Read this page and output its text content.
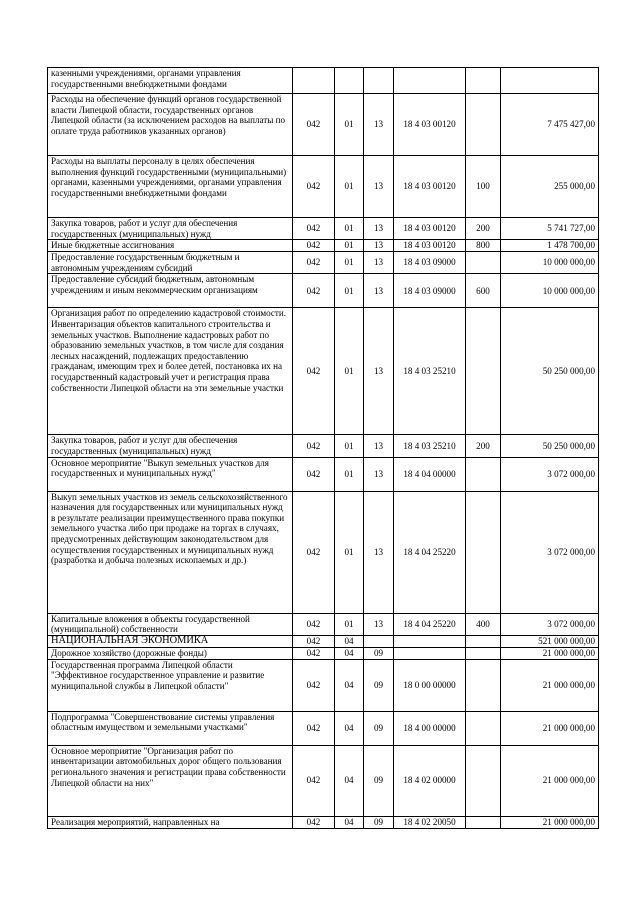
казенными учреждениями, органами управления государственными внебюджетными фондами						
Расходы на обеспечение функций органов государственной власти Липецкой области, государственных органов Липецкой области (за исключением расходов на выплаты по оплате труда работников указанных органов)	042	01	13	18 4 03 00120		7 475 427,00
Расходы на выплаты персоналу в целях обеспечения выполнения функций государственными (муниципальными) органами, казенными учреждениями, органами управления государственными внебюджетными фондами	042	01	13	18 4 03 00120	100	255 000,00
Закупка товаров, работ и услуг для обеспечения государственных (муниципальных) нужд	042	01	13	18 4 03 00120	200	5 741 727,00
Иные бюджетные ассигнования	042	01	13	18 4 03 00120	800	1 478 700,00
Предоставление государственным бюджетным и автономным учреждениям субсидий	042	01	13	18 4 03 09000		10 000 000,00
Предоставление субсидий бюджетным, автономным учреждениям и иным некоммерческим организациям	042	01	13	18 4 03 09000	600	10 000 000,00
Организация работ по определению кадастровой стоимости. Инвентаризация объектов капитального строительства и земельных участков. Выполнение кадастровых работ по образованию земельных участков, в том числе для создания лесных насаждений, подлежащих предоставлению гражданам, имеющим трех и более детей, постановка их на государственный кадастровый учет и регистрация права собственности Липецкой области на эти земельные участки	042	01	13	18 4 03 25210		50 250 000,00
Закупка товаров, работ и услуг для обеспечения государственных (муниципальных) нужд	042	01	13	18 4 03 25210	200	50 250 000,00
Основное мероприятие "Выкуп земельных участков для государственных и муниципальных нужд"	042	01	13	18 4 04 00000		3 072 000,00
Выкуп земельных участков из земель сельскохозяйственного назначения для государственных или муниципальных нужд в результате реализации преимущественного права покупки земельного участка либо при продаже на торгах в случаях, предусмотренных действующим законодательством для осуществления государственных и муниципальных нужд (разработка и добыча полезных ископаемых и др.)	042	01	13	18 4 04 25220		3 072 000,00
Капитальные вложения в объекты государственной (муниципальной) собственности	042	01	13	18 4 04 25220	400	3 072 000,00
НАЦИОНАЛЬНАЯ ЭКОНОМИКА	042	04				521 000 000,00
Дорожное хозяйство (дорожные фонды)	042	04	09			21 000 000,00
Государственная программа Липецкой области "Эффективное государственное управление и развитие муниципальной службы в Липецкой области"	042	04	09	18 0 00 00000		21 000 000,00
Подпрограмма "Совершенствование системы управления областным имуществом и земельными участками"	042	04	09	18 4 00 00000		21 000 000,00
Основное мероприятие "Организация работ по инвентаризации автомобильных дорог общего пользования регионального значения и регистрации права собственности Липецкой области на них"	042	04	09	18 4 02 00000		21 000 000,00
Реализация мероприятий, направленных на	042	04	09	18 4 02 20050		21 000 000,00
